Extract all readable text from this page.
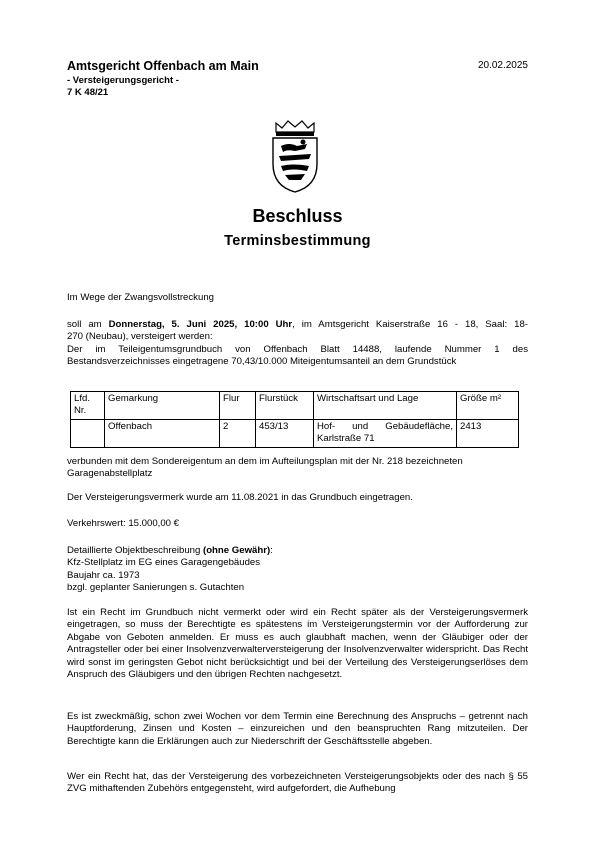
Amtsgericht Offenbach am Main
- Versteigerungsgericht -
7 K 48/21
20.02.2025
Beschluss
Terminsbestimmung
Im Wege der Zwangsvollstreckung
soll am Donnerstag, 5. Juni 2025, 10:00 Uhr, im Amtsgericht Kaiserstraße 16 - 18, Saal: 18-
270 (Neubau), versteigert werden:
Der im Teileigentumsgrundbuch von Offenbach Blatt 14488, laufende Nummer 1 des Bestandsverzeichnisses eingetragene 70,43/10.000 Miteigentumsanteil an dem Grundstück
Lfd. Nr.	Gemarkung	Flur	Flurstück	Wirtschaftsart und Lage	Größe m²
	Offenbach	2	453/13	Hof- und Gebäudefläche, Karlstraße 71	2413
verbunden mit dem Sondereigentum an dem im Aufteilungsplan mit der Nr. 218 bezeichneten Garagenabstellplatz
Der Versteigerungsvermerk wurde am 11.08.2021 in das Grundbuch eingetragen.
Verkehrswert: 15.000,00 €
Detaillierte Objektbeschreibung (ohne Gewähr):
Kfz-Stellplatz im EG eines Garagengebäudes
Baujahr ca. 1973
bzgl. geplanter Sanierungen s. Gutachten
Ist ein Recht im Grundbuch nicht vermerkt oder wird ein Recht später als der Versteigerungsvermerk eingetragen, so muss der Berechtigte es spätestens im Versteigerungstermin vor der Aufforderung zur Abgabe von Geboten anmelden. Er muss es auch glaubhaft machen, wenn der Gläubiger oder der Antragsteller oder bei einer Insolvenzverwalterversteigerung der Insolvenzverwalter widerspricht. Das Recht wird sonst im geringsten Gebot nicht berücksichtigt und bei der Verteilung des Versteigerungserlöses dem Anspruch des Gläubigers und den übrigen Rechten nachgesetzt.
Es ist zweckmäßig, schon zwei Wochen vor dem Termin eine Berechnung des Anspruchs – getrennt nach Hauptforderung, Zinsen und Kosten – einzureichen und den beanspruchten Rang mitzuteilen. Der Berechtigte kann die Erklärungen auch zur Niederschrift der Geschäftsstelle abgeben.
Wer ein Recht hat, das der Versteigerung des vorbezeichneten Versteigerungsobjekts oder des nach § 55 ZVG mithaftenden Zubehörs entgegensteht, wird aufgefordert, die Aufhebung
